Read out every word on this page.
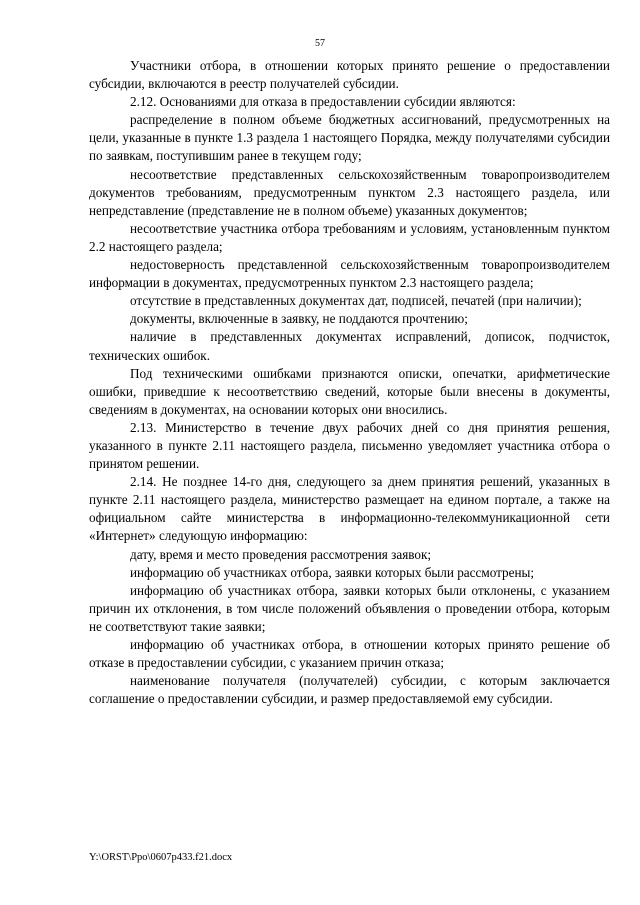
57

Участники отбора, в отношении которых принято решение о предоставлении субсидии, включаются в реестр получателей субсидии.

2.12. Основаниями для отказа в предоставлении субсидии являются:

распределение в полном объеме бюджетных ассигнований, предусмотренных на цели, указанные в пункте 1.3 раздела 1 настоящего Порядка, между получателями субсидии по заявкам, поступившим ранее в текущем году;

несоответствие представленных сельскохозяйственным товаропроизводителем документов требованиям, предусмотренным пунктом 2.3 настоящего раздела, или непредставление (представление не в полном объеме) указанных документов;

несоответствие участника отбора требованиям и условиям, установленным пунктом 2.2 настоящего раздела;

недостоверность представленной сельскохозяйственным товаропроизводителем информации в документах, предусмотренных пунктом 2.3 настоящего раздела;

отсутствие в представленных документах дат, подписей, печатей (при наличии);

документы, включенные в заявку, не поддаются прочтению;

наличие в представленных документах исправлений, дописок, подчисток, технических ошибок.

Под техническими ошибками признаются описки, опечатки, арифметические ошибки, приведшие к несоответствию сведений, которые были внесены в документы, сведениям в документах, на основании которых они вносились.

2.13. Министерство в течение двух рабочих дней со дня принятия решения, указанного в пункте 2.11 настоящего раздела, письменно уведомляет участника отбора о принятом решении.

2.14. Не позднее 14-го дня, следующего за днем принятия решений, указанных в пункте 2.11 настоящего раздела, министерство размещает на едином портале, а также на официальном сайте министерства в информационно-телекоммуникационной сети «Интернет» следующую информацию:

дату, время и место проведения рассмотрения заявок;

информацию об участниках отбора, заявки которых были рассмотрены;

информацию об участниках отбора, заявки которых были отклонены, с указанием причин их отклонения, в том числе положений объявления о проведении отбора, которым не соответствуют такие заявки;

информацию об участниках отбора, в отношении которых принято решение об отказе в предоставлении субсидии, с указанием причин отказа;

наименование получателя (получателей) субсидии, с которым заключается соглашение о предоставлении субсидии, и размер предоставляемой ему субсидии.

Y:\ORST\Ppo\0607p433.f21.docx
